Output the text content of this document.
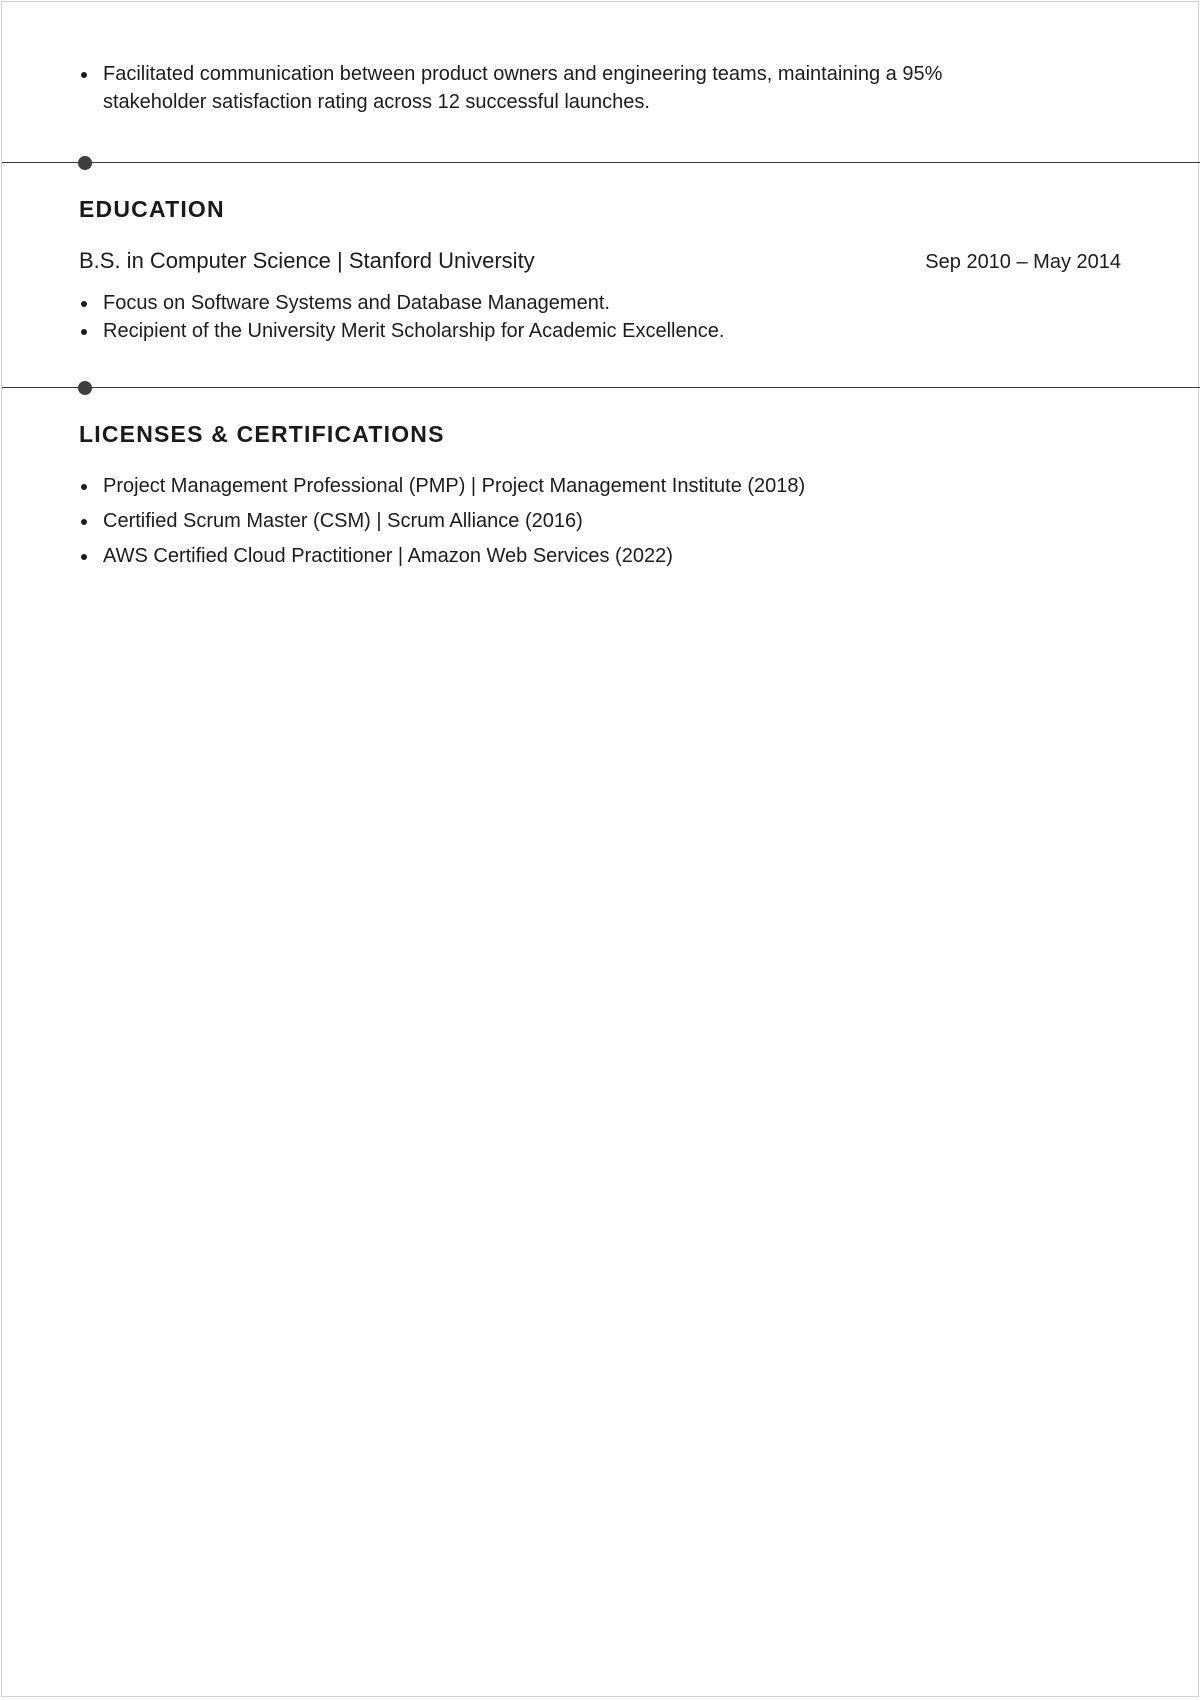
Facilitated communication between product owners and engineering teams, maintaining a 95% stakeholder satisfaction rating across 12 successful launches.
EDUCATION
B.S. in Computer Science | Stanford University	Sep 2010 – May 2014
Focus on Software Systems and Database Management.
Recipient of the University Merit Scholarship for Academic Excellence.
LICENSES & CERTIFICATIONS
Project Management Professional (PMP) | Project Management Institute (2018)
Certified Scrum Master (CSM) | Scrum Alliance (2016)
AWS Certified Cloud Practitioner | Amazon Web Services (2022)
